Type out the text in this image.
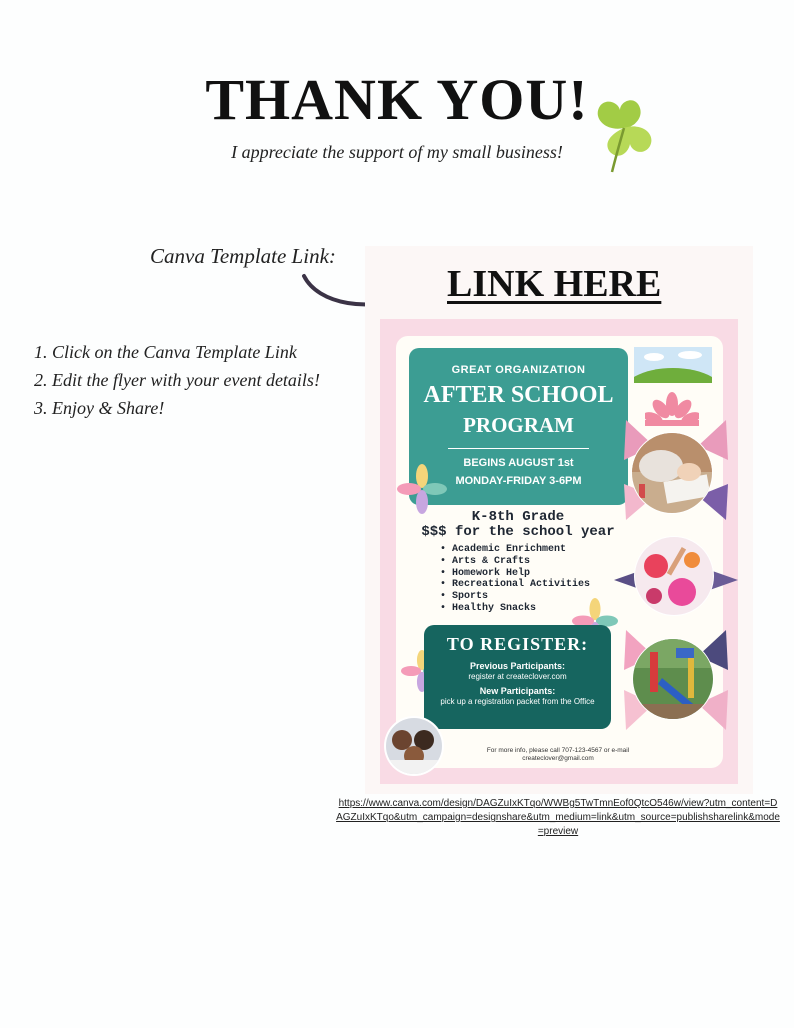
THANK YOU!
I appreciate the support of my small business!
Canva Template Link:
LINK HERE
1. Click on the Canva Template Link
2. Edit the flyer with your event details!
3. Enjoy & Share!
GREAT ORGANIZATION
AFTER SCHOOL
PROGRAM
BEGINS AUGUST 1st
MONDAY-FRIDAY 3-6PM
K-8th Grade
$$$ for the school year
• Academic Enrichment
• Arts & Crafts
• Homework Help
• Recreational Activities
• Sports
• Healthy Snacks
TO REGISTER:
Previous Participants:
register at createclover.com
New Participants:
pick up a registration packet from the Office
For more info, please call 707-123-4567 or e-mail
createclover@gmail.com
https://www.canva.com/design/DAGZuIxKTqo/WWBg5TwTmnEof0QtcO546w/view?utm_content=DAGZuIxKTqo&utm_campaign=designshare&utm_medium=link&utm_source=publishsharelink&mode=preview
